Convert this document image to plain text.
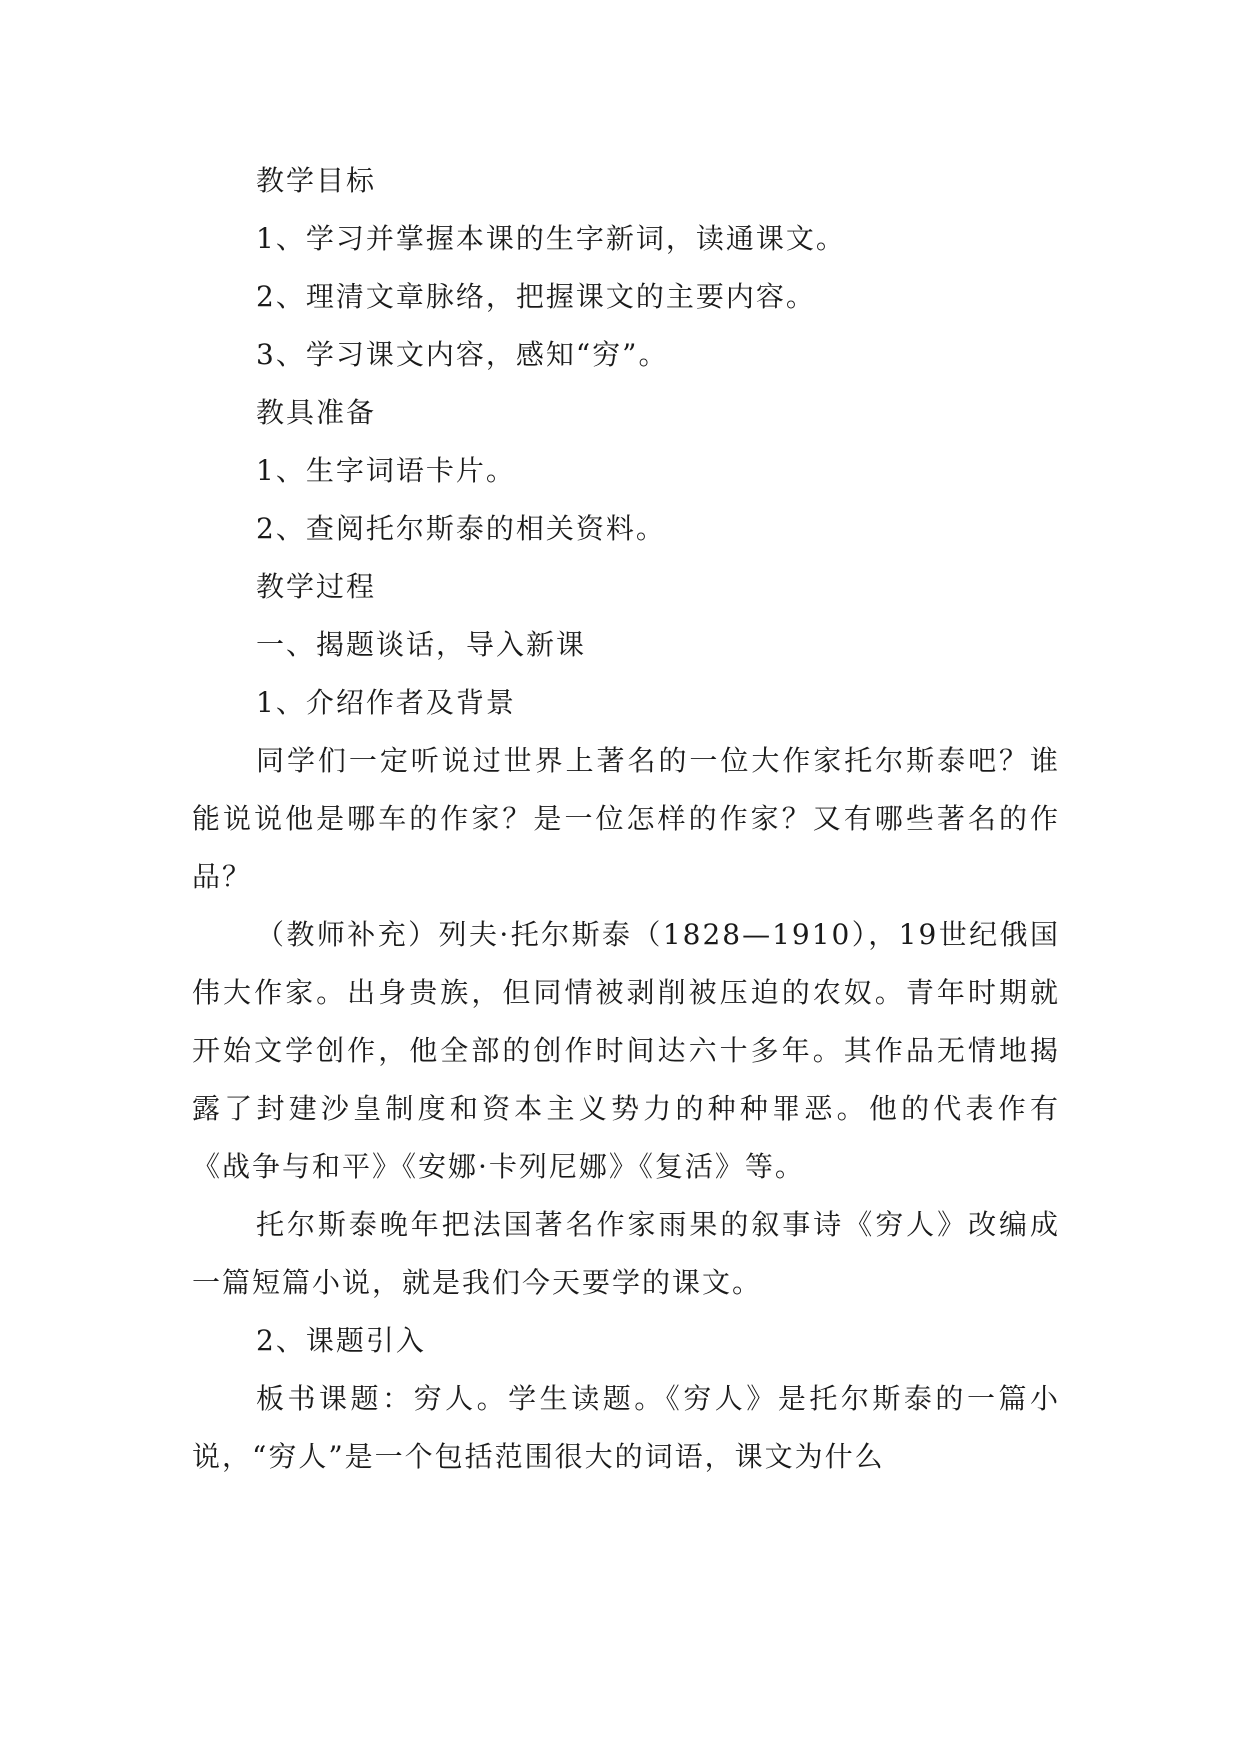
教学目标

1、学习并掌握本课的生字新词，读通课文。

2、理清文章脉络，把握课文的主要内容。

3、学习课文内容，感知“穷”。

教具准备

1、生字词语卡片。

2、查阅托尔斯泰的相关资料。

教学过程

一、揭题谈话，导入新课

1、介绍作者及背景

同学们一定听说过世界上著名的一位大作家托尔斯泰吧？谁能说说他是哪车的作家？是一位怎样的作家？又有哪些著名的作品？

（教师补充）列夫·托尔斯泰（1828—1910），19世纪俄国伟大作家。出身贵族，但同情被剥削被压迫的农奴。青年时期就开始文学创作，他全部的创作时间达六十多年。其作品无情地揭露了封建沙皇制度和资本主义势力的种种罪恶。他的代表作有《战争与和平》《安娜·卡列尼娜》《复活》等。

托尔斯泰晚年把法国著名作家雨果的叙事诗《穷人》改编成一篇短篇小说，就是我们今天要学的课文。

2、课题引入

板书课题：穷人。学生读题。《穷人》是托尔斯泰的一篇小说，“穷人”是一个包括范围很大的词语，课文为什么
